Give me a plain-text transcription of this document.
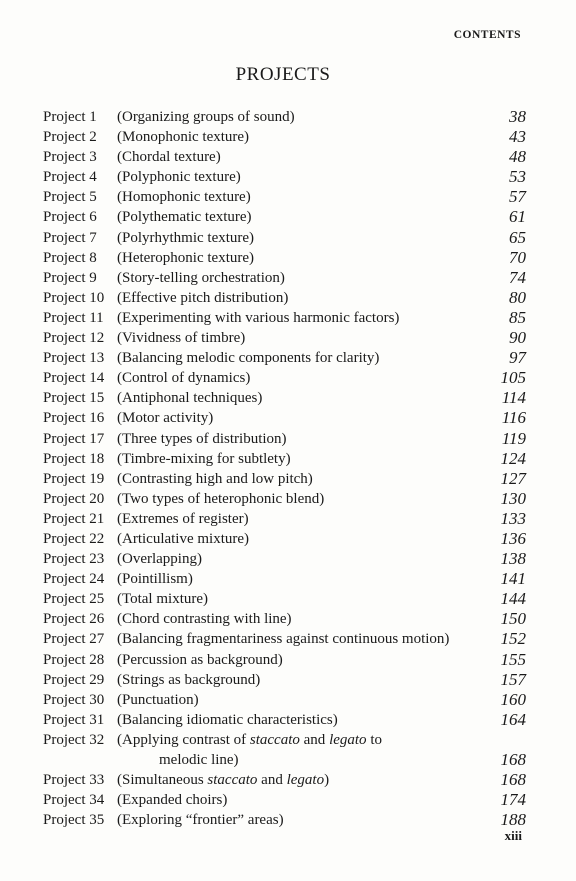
CONTENTS
PROJECTS
Project 1 (Organizing groups of sound)	38
Project 2 (Monophonic texture)	43
Project 3 (Chordal texture)	48
Project 4 (Polyphonic texture)	53
Project 5 (Homophonic texture)	57
Project 6 (Polythematic texture)	61
Project 7 (Polyrhythmic texture)	65
Project 8 (Heterophonic texture)	70
Project 9 (Story-telling orchestration)	74
Project 10 (Effective pitch distribution)	80
Project 11 (Experimenting with various harmonic factors)	85
Project 12 (Vividness of timbre)	90
Project 13 (Balancing melodic components for clarity)	97
Project 14 (Control of dynamics)	105
Project 15 (Antiphonal techniques)	114
Project 16 (Motor activity)	116
Project 17 (Three types of distribution)	119
Project 18 (Timbre-mixing for subtlety)	124
Project 19 (Contrasting high and low pitch)	127
Project 20 (Two types of heterophonic blend)	130
Project 21 (Extremes of register)	133
Project 22 (Articulative mixture)	136
Project 23 (Overlapping)	138
Project 24 (Pointillism)	141
Project 25 (Total mixture)	144
Project 26 (Chord contrasting with line)	150
Project 27 (Balancing fragmentariness against continuous motion)	152
Project 28 (Percussion as background)	155
Project 29 (Strings as background)	157
Project 30 (Punctuation)	160
Project 31 (Balancing idiomatic characteristics)	164
Project 32 (Applying contrast of staccato and legato to
melodic line)	168
Project 33 (Simultaneous staccato and legato)	168
Project 34 (Expanded choirs)	174
Project 35 (Exploring “frontier” areas)	188
xiii
